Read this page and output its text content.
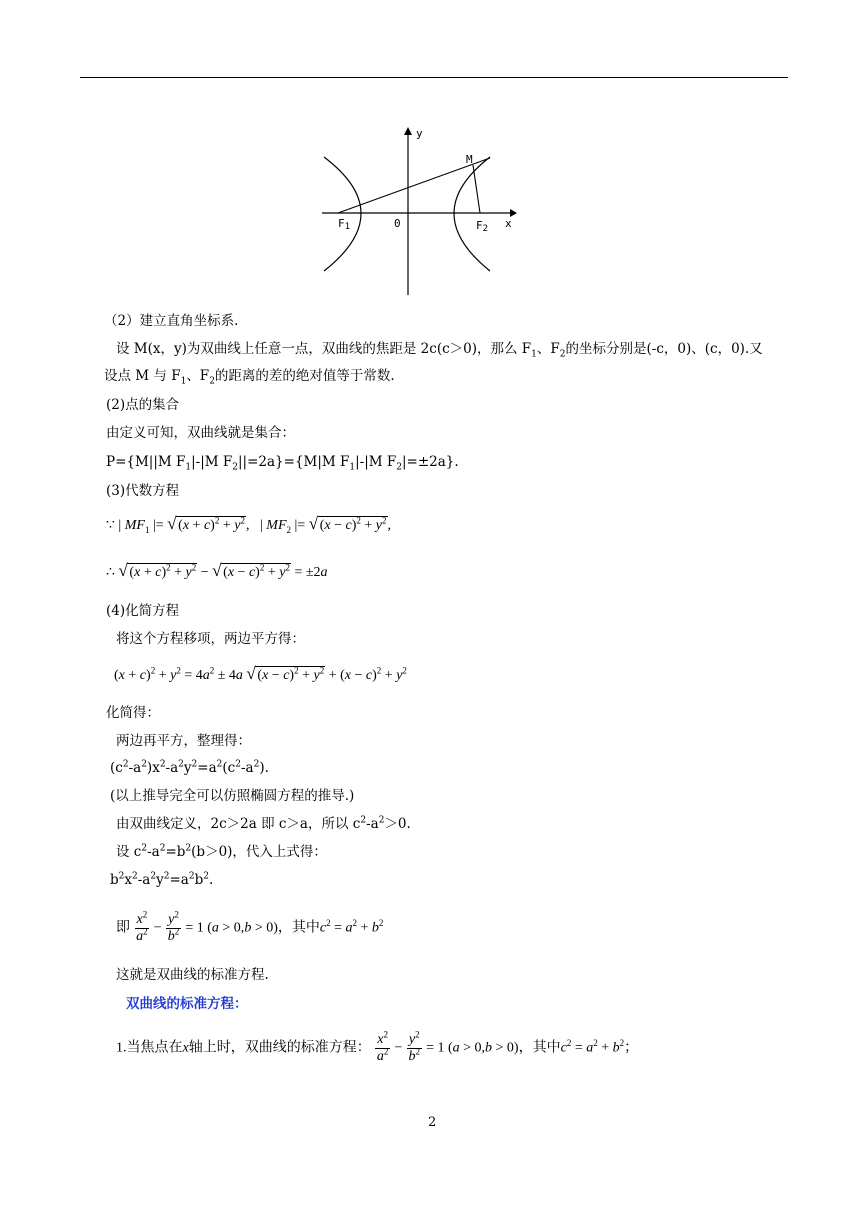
y
x
M
F1	0	F2
（2）建立直角坐标系.
设 M(x，y)为双曲线上任意一点，双曲线的焦距是 2c(c＞0)，那么 $F_1$、$F_2$的坐标分别是(-c，0)、(c，0).又
设点 M 与 $F_1$、$F_2$的距离的差的绝对值等于常数.
(2)点的集合
由定义可知，双曲线就是集合：
P={M||M $F_1|-|M$ $F_2||=2a\}=\{M|M$ $F_1|-|M$ $F_2|=\pm 2a$}.
(3)代数方程
∵ | $MF_1$ |= √ $(x + c)^2 + y^2$,   | $MF_2$ |= √ $(x - c)^2 + y^2$,
∴ √ $(x + c)^2 + y^2$ − √ $(x - c)^2 + y^2 = \pm 2a$
(4)化简方程
将这个方程移项，两边平方得：
$(x + c)^2 + y^2 = 4a^2 \pm 4a$ √ $(x - c)^2 + y^2 + (x - c)^2 + y^2$
化简得：
两边再平方，整理得：
$(c^2-a^2)x^2-a^2y^2=a^2(c^2-a^2)$.
(以上推导完全可以仿照椭圆方程的推导.)
由双曲线定义，2c＞2a 即 c＞a，所以 $c^2-a^2>0$.
设 $c^2-a^2=b^2(b>0)$，代入上式得：
$b^2x^2-a^2y^2=a^2b^2$.
即 $\frac{x^2}{a^2} - \frac{y^2}{b^2} = 1$ (a > 0,b > 0)，其中$c^2 = a^2 + b^2$
这就是双曲线的标准方程.
双曲线的标准方程：
1.当焦点在x轴上时，双曲线的标准方程： $\frac{x^2}{a^2} - \frac{y^2}{b^2} = 1$ (a > 0,b > 0)，其中$c^2 = a^2 + b^2$；
2
